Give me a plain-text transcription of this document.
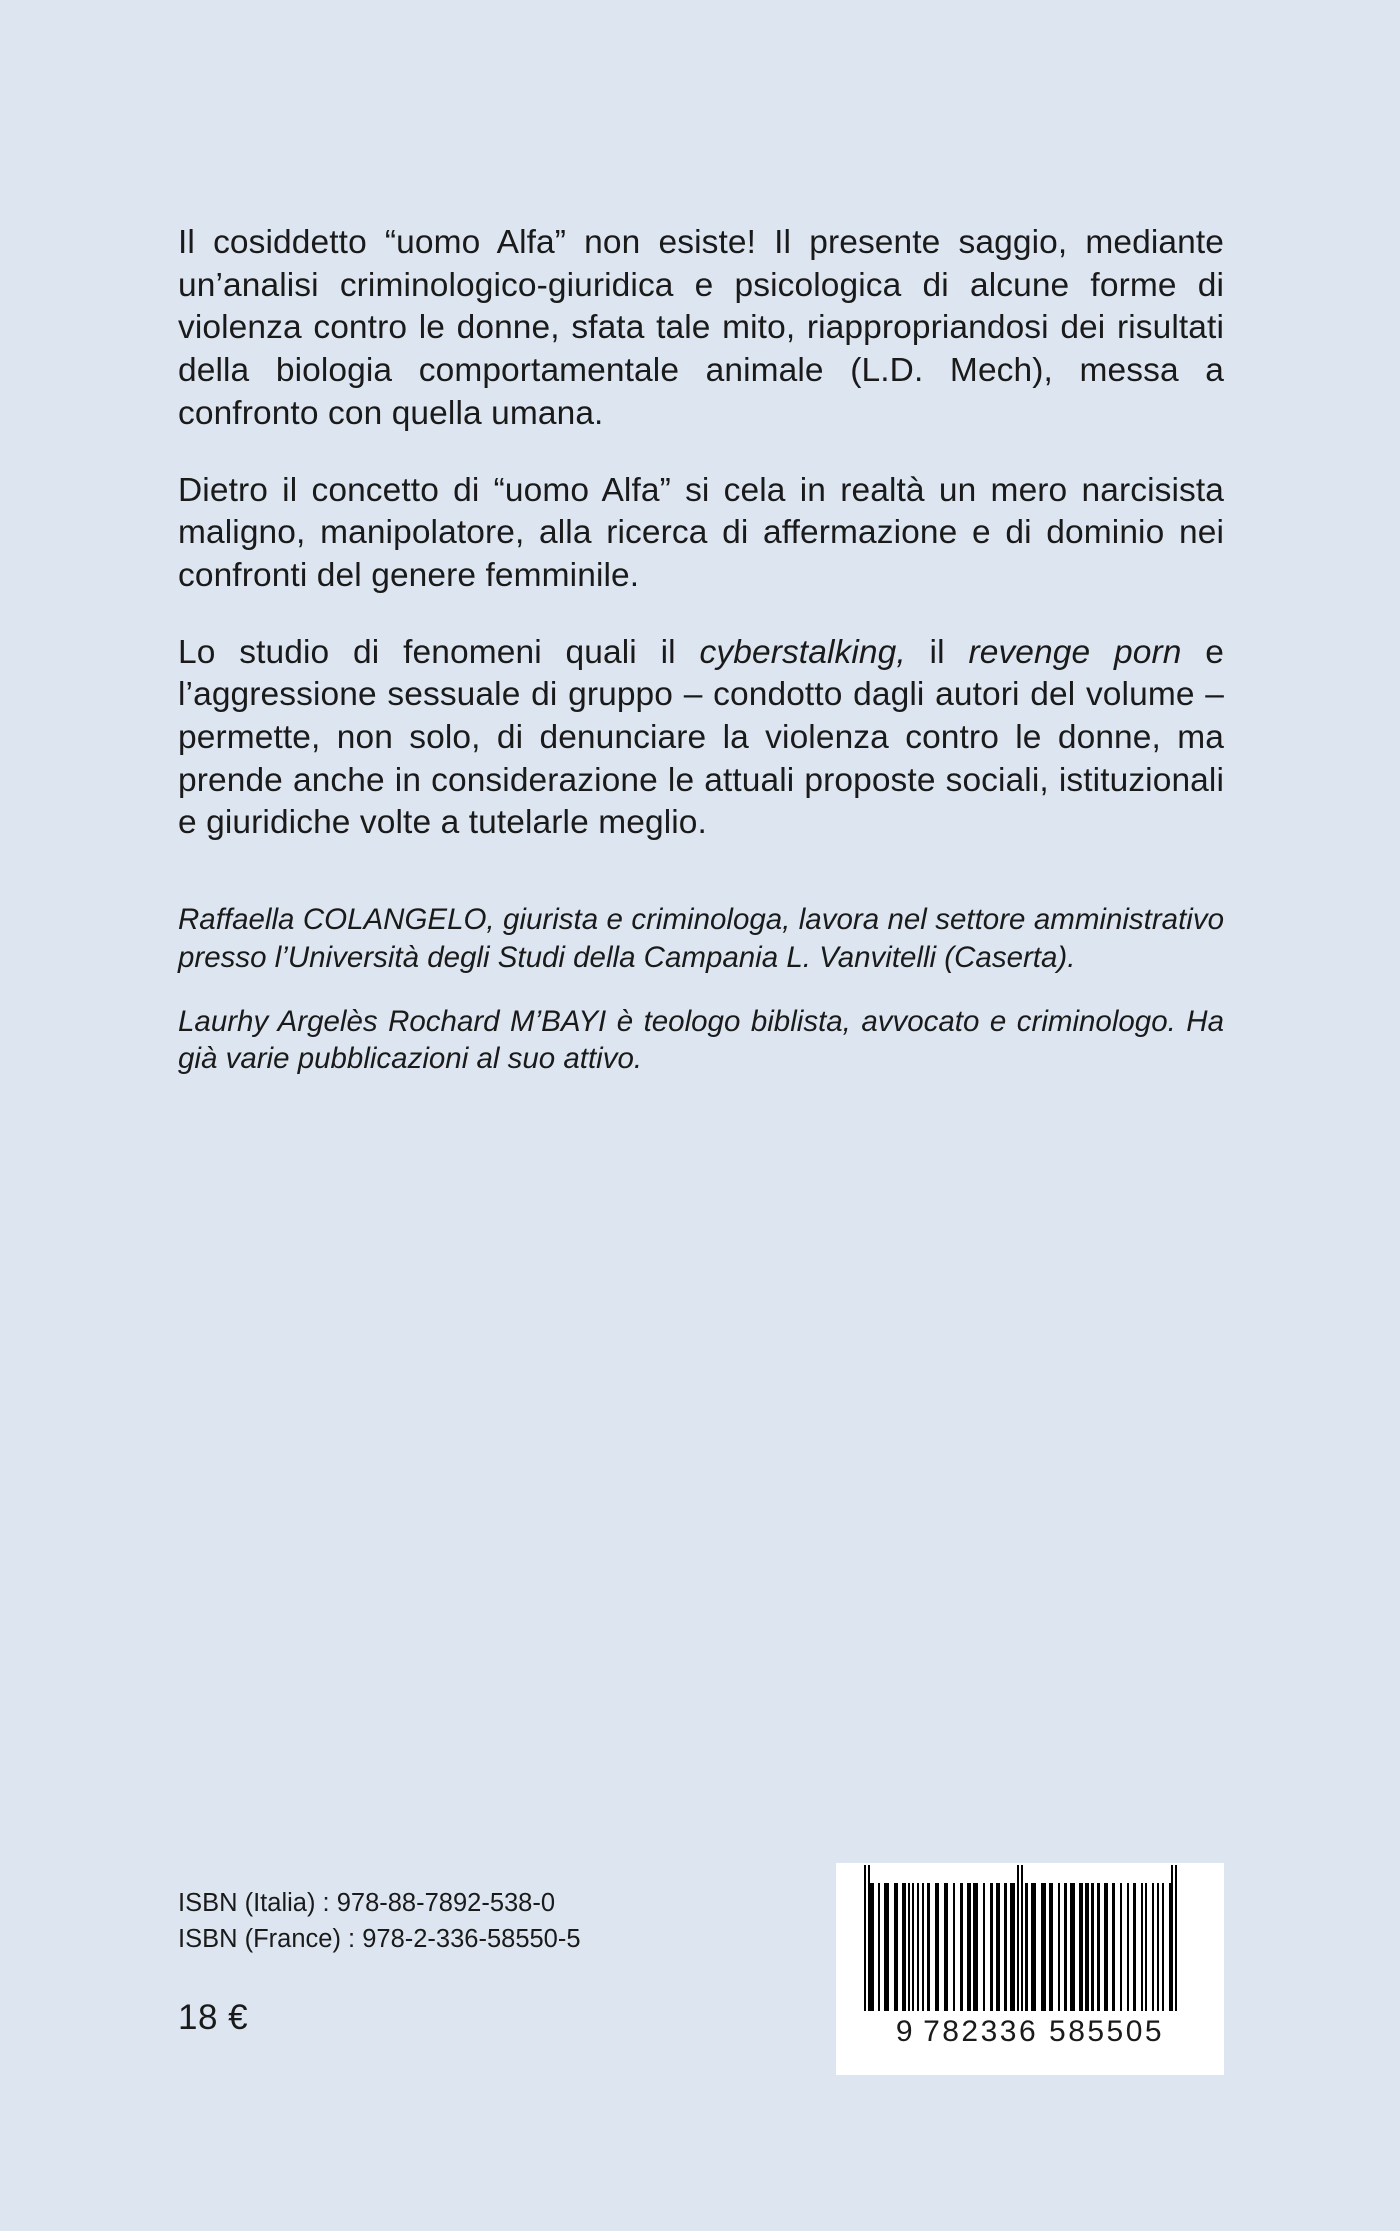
Il cosiddetto “uomo Alfa” non esiste! Il presente saggio, mediante un’analisi criminologico-giuridica e psicologica di alcune forme di violenza contro le donne, sfata tale mito, riappropriandosi dei risultati della biologia comportamentale animale (L.D. Mech), messa a confronto con quella umana.

Dietro il concetto di “uomo Alfa” si cela in realtà un mero narcisista maligno, manipolatore, alla ricerca di affermazione e di dominio nei confronti del genere femminile.

Lo studio di fenomeni quali il cyberstalking, il revenge porn e l’aggressione sessuale di gruppo – condotto dagli autori del volume – permette, non solo, di denunciare la violenza contro le donne, ma prende anche in considerazione le attuali proposte sociali, istituzionali e giuridiche volte a tutelarle meglio.

Raffaella COLANGELO, giurista e criminologa, lavora nel settore amministrativo presso l’Università degli Studi della Campania L. Vanvitelli (Caserta).

Laurhy Argelès Rochard M’BAYI è teologo biblista, avvocato e criminologo. Ha già varie pubblicazioni al suo attivo.

ISBN (Italia) : 978-88-7892-538-0
ISBN (France) : 978-2-336-58550-5
18 €	9 782336 585505
